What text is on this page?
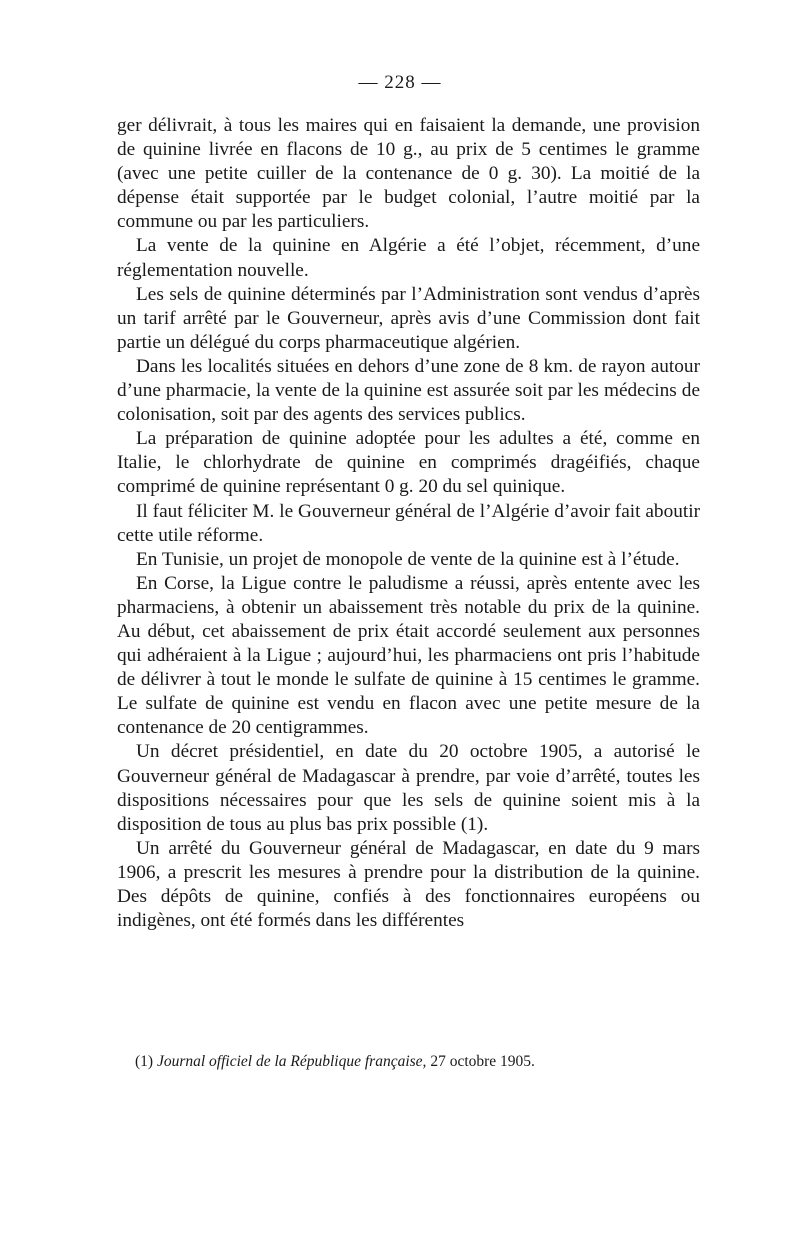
— 228 —

ger délivrait, à tous les maires qui en faisaient la demande, une provision de quinine livrée en flacons de 10 g., au prix de 5 centimes le gramme (avec une petite cuiller de la contenance de 0 g. 30). La moitié de la dépense était supportée par le budget colonial, l’autre moitié par la commune ou par les particuliers.

La vente de la quinine en Algérie a été l’objet, récemment, d’une réglementation nouvelle.

Les sels de quinine déterminés par l’Administration sont vendus d’après un tarif arrêté par le Gouverneur, après avis d’une Commission dont fait partie un délégué du corps pharmaceutique algérien.

Dans les localités situées en dehors d’une zone de 8 km. de rayon autour d’une pharmacie, la vente de la quinine est assurée soit par les médecins de colonisation, soit par des agents des services publics.

La préparation de quinine adoptée pour les adultes a été, comme en Italie, le chlorhydrate de quinine en comprimés dragéifiés, chaque comprimé de quinine représentant 0 g. 20 du sel quinique.

Il faut féliciter M. le Gouverneur général de l’Algérie d’avoir fait aboutir cette utile réforme.

En Tunisie, un projet de monopole de vente de la quinine est à l’étude.

En Corse, la Ligue contre le paludisme a réussi, après entente avec les pharmaciens, à obtenir un abaissement très notable du prix de la quinine. Au début, cet abaissement de prix était accordé seulement aux personnes qui adhéraient à la Ligue ; aujourd’hui, les pharmaciens ont pris l’habitude de délivrer à tout le monde le sulfate de quinine à 15 centimes le gramme. Le sulfate de quinine est vendu en flacon avec une petite mesure de la contenance de 20 centigrammes.

Un décret présidentiel, en date du 20 octobre 1905, a autorisé le Gouverneur général de Madagascar à prendre, par voie d’arrêté, toutes les dispositions nécessaires pour que les sels de quinine soient mis à la disposition de tous au plus bas prix possible (1).

Un arrêté du Gouverneur général de Madagascar, en date du 9 mars 1906, a prescrit les mesures à prendre pour la distribution de la quinine. Des dépôts de quinine, confiés à des fonctionnaires européens ou indigènes, ont été formés dans les différentes

(1) Journal officiel de la République française, 27 octobre 1905.
